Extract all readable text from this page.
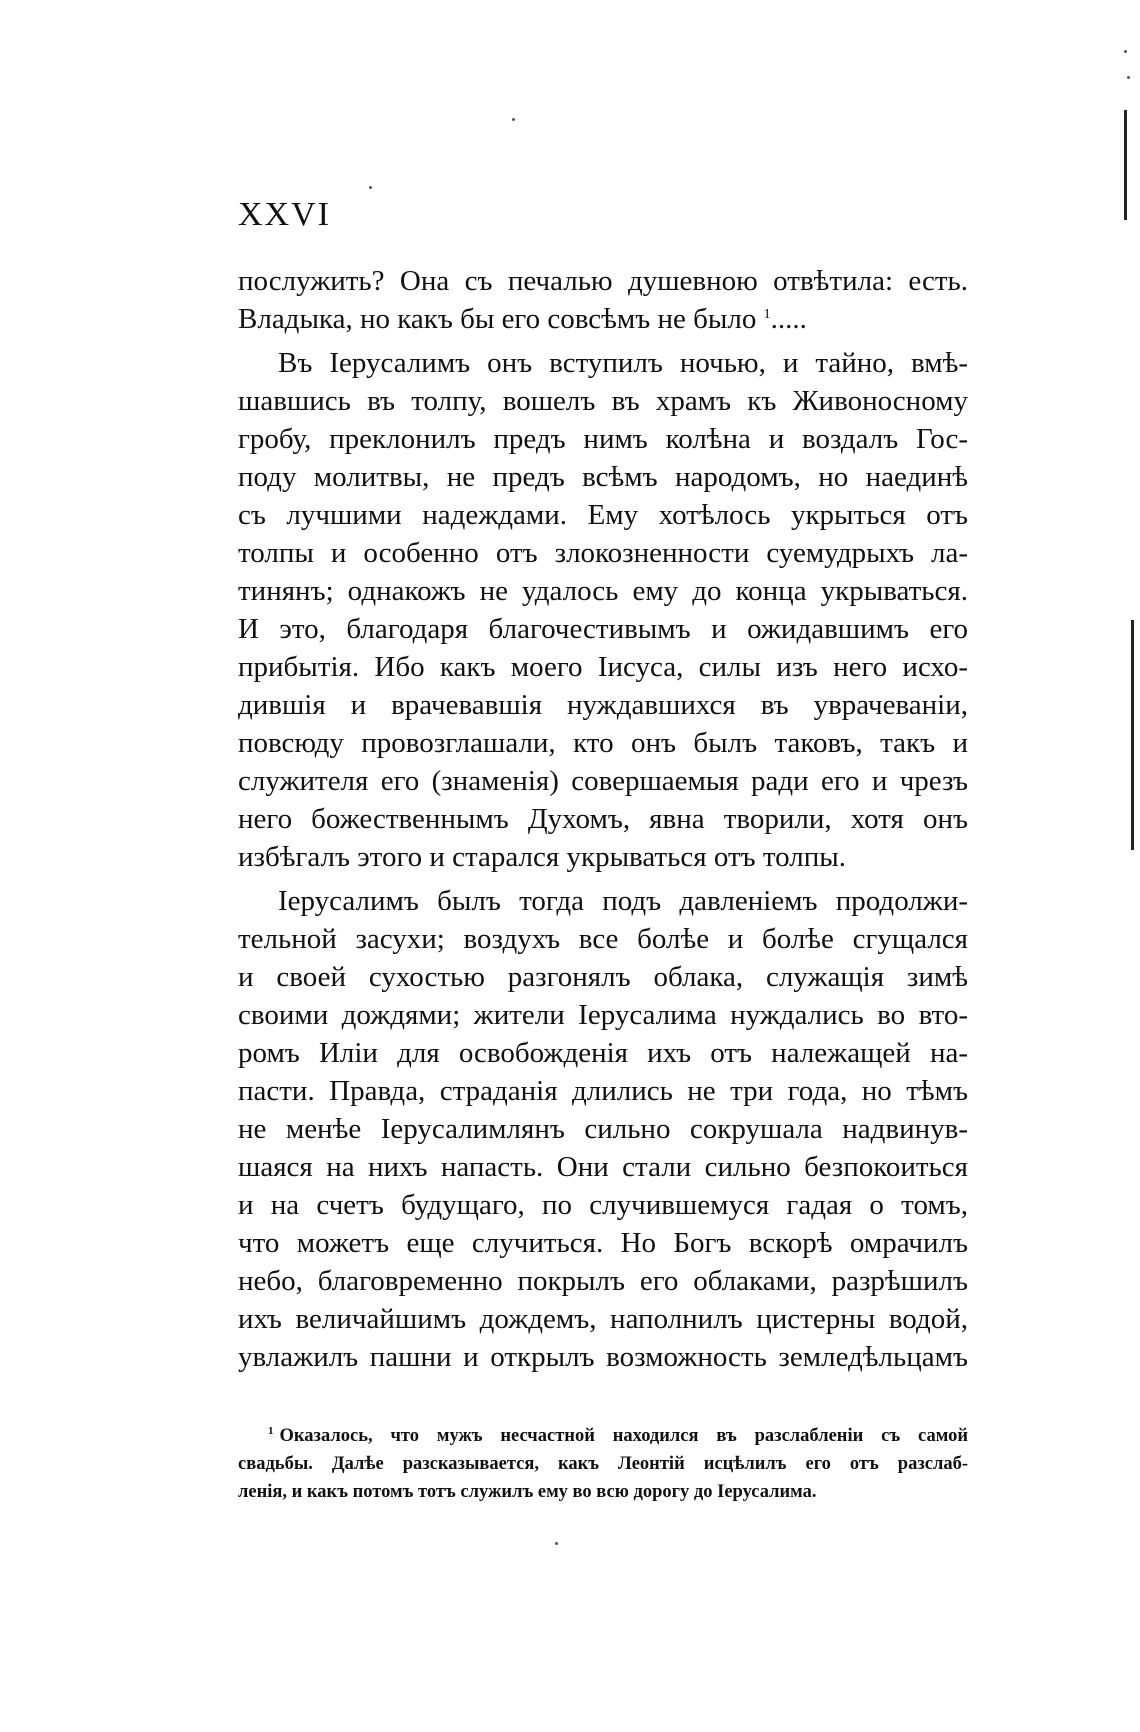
XXVI
послужить? Она съ печалью душевною отвѣтила: есть.
Владыка, но какъ бы его совсѣмъ не было $^1$.....
Въ Іерусалимъ онъ вступилъ ночью, и тайно, вмѣ-
шавшись въ толпу, вошелъ въ храмъ къ Живоносному
гробу, преклонилъ предъ нимъ колѣна и воздалъ Гос-
поду молитвы, не предъ всѣмъ народомъ, но наединѣ
съ лучшими надеждами. Ему хотѣлось укрыться отъ
толпы и особенно отъ злокозненности суемудрыхъ ла-
тинянъ; однакожъ не удалось ему до конца укрываться.
И это, благодаря благочестивымъ и ожидавшимъ его
прибытія. Ибо какъ моего Іисуса, силы изъ него исхо-
дившія и врачевавшія нуждавшихся въ уврачеваніи,
повсюду провозглашали, кто онъ былъ таковъ, такъ и
служителя его (знаменія) совершаемыя ради его и чрезъ
него божественнымъ Духомъ, явна творили, хотя онъ
избѣгалъ этого и старался укрываться отъ толпы.
Іерусалимъ былъ тогда подъ давленіемъ продолжи-
тельной засухи; воздухъ все болѣе и болѣе сгущался
и своей сухостью разгонялъ облака, служащія зимѣ
своими дождями; жители Іерусалима нуждались во вто-
ромъ Иліи для освобожденія ихъ отъ належащей на-
пасти. Правда, страданія длились не три года, но тѣмъ
не менѣе Іерусалимлянъ сильно сокрушала надвинув-
шаяся на нихъ напасть. Они стали сильно безпокоиться
и на счетъ будущаго, по случившемуся гадая о томъ,
что можетъ еще случиться. Но Богъ вскорѣ омрачилъ
небо, благовременно покрылъ его облаками, разрѣшилъ
ихъ величайшимъ дождемъ, наполнилъ цистерны водой,
увлажилъ пашни и открылъ возможность земледѣльцамъ
$^1$ Оказалось, что мужъ несчастной находился въ разслабленіи съ самой
свадьбы. Далѣе разсказывается, какъ Леонтій исцѣлилъ его отъ разслаб-
ленія, и какъ потомъ тотъ служилъ ему во всю дорогу до Іерусалима.
